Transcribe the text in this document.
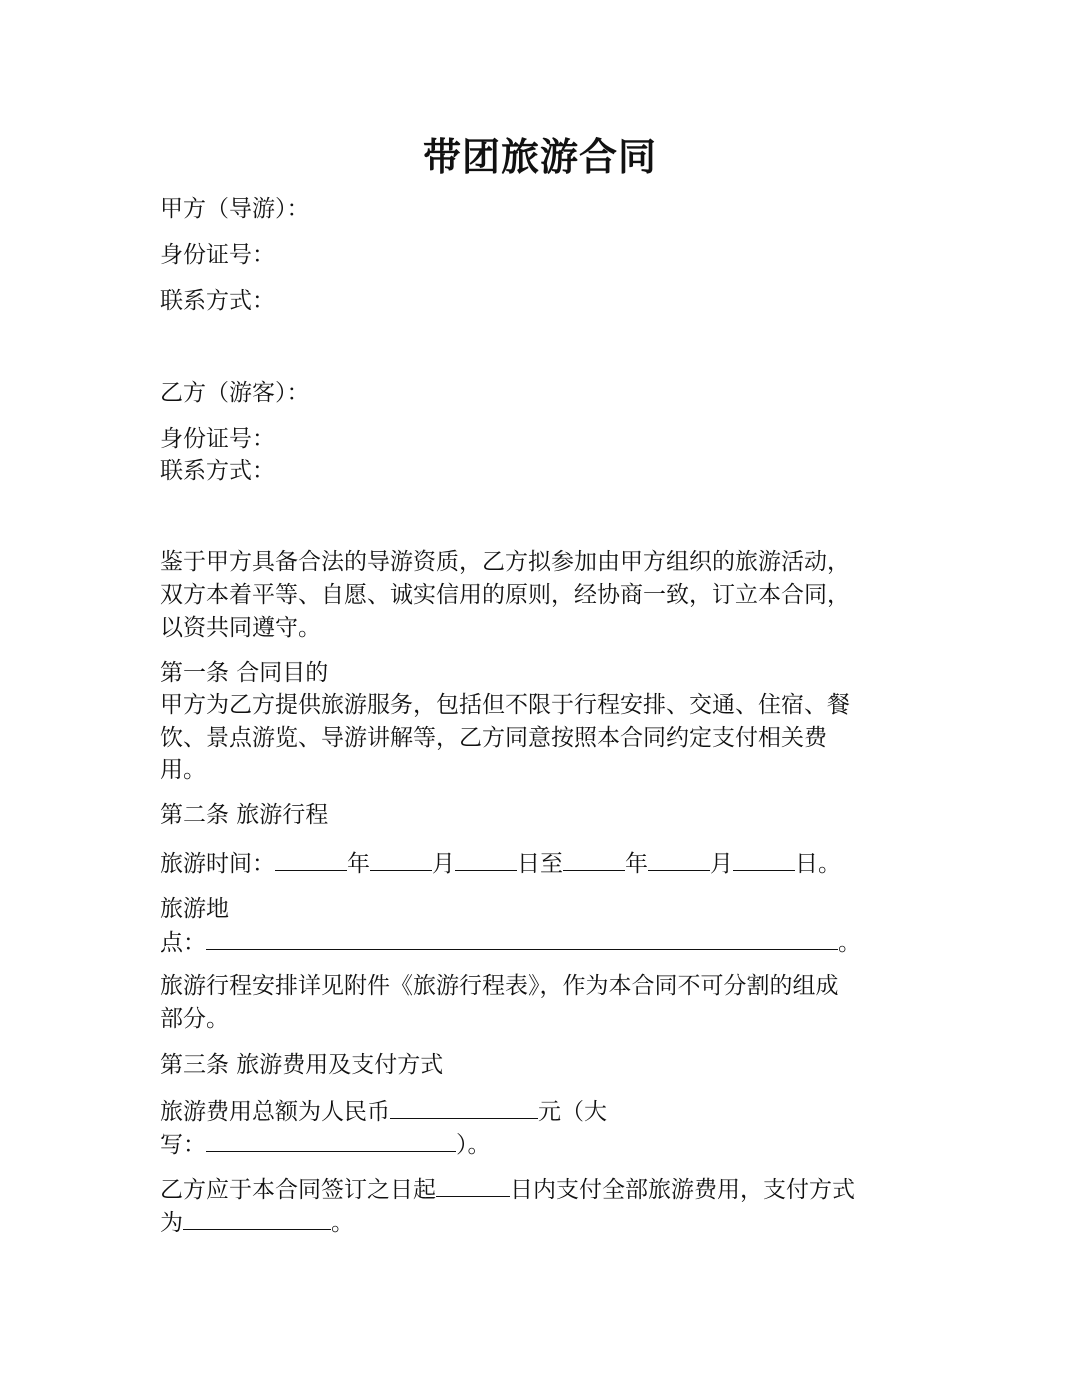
带团旅游合同
甲方（导游）：
身份证号：
联系方式：
乙方（游客）：
身份证号：
联系方式：
鉴于甲方具备合法的导游资质，乙方拟参加由甲方组织的旅游活动，
双方本着平等、自愿、诚实信用的原则，经协商一致，订立本合同，
以资共同遵守。
第一条 合同目的
甲方为乙方提供旅游服务，包括但不限于行程安排、交通、住宿、餐
饮、景点游览、导游讲解等，乙方同意按照本合同约定支付相关费
用。
第二条 旅游行程
旅游时间：	年	月	日至	年	月	日。
旅游地
点：	。
旅游行程安排详见附件《旅游行程表》，作为本合同不可分割的组成
部分。
第三条 旅游费用及支付方式
旅游费用总额为人民币	元（大
写：	）。
乙方应于本合同签订之日起	日内支付全部旅游费用，支付方式
为	。
